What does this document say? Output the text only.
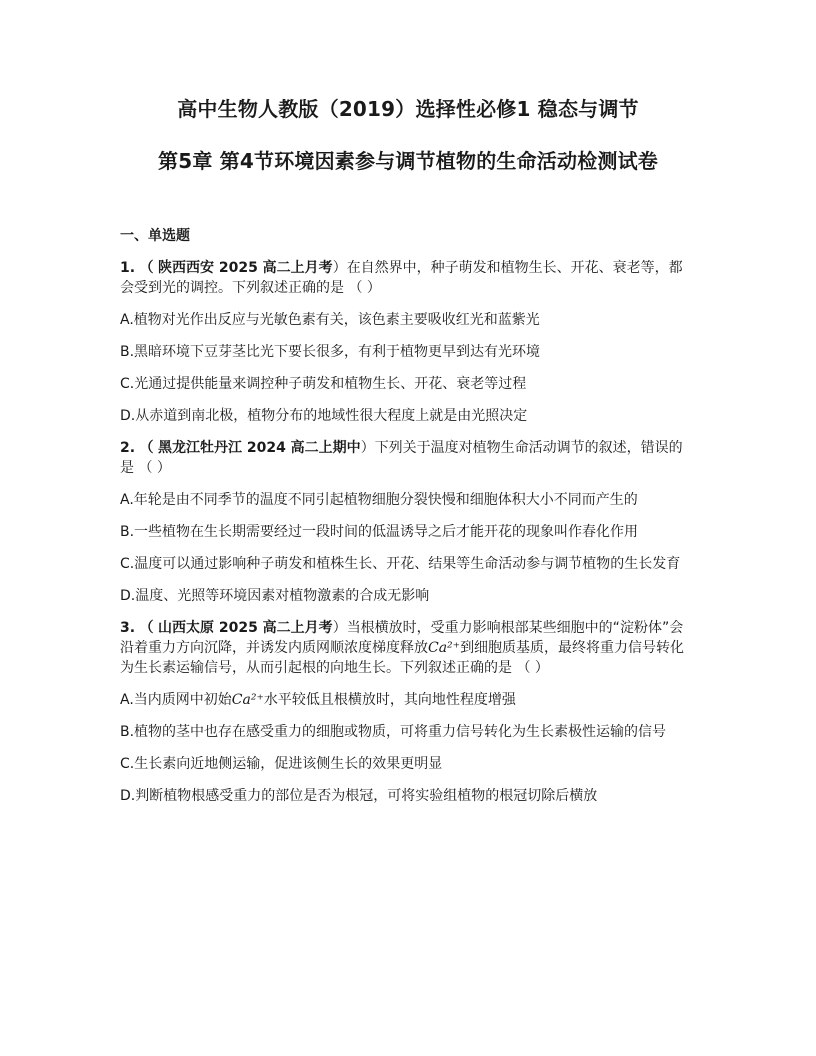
高中生物人教版（2019）选择性必修1 稳态与调节
第5章 第4节环境因素参与调节植物的生命活动检测试卷
一、单选题

1. （ 陕西西安 2025 高二上月考）在自然界中，种子萌发和植物生长、开花、衰老等，都会受到光的调控。下列叙述正确的是 （ ）

A.植物对光作出反应与光敏色素有关，该色素主要吸收红光和蓝紫光

B.黑暗环境下豆芽茎比光下要长很多，有利于植物更早到达有光环境

C.光通过提供能量来调控种子萌发和植物生长、开花、衰老等过程

D.从赤道到南北极，植物分布的地域性很大程度上就是由光照决定

2. （ 黑龙江牡丹江 2024 高二上期中）下列关于温度对植物生命活动调节的叙述，错误的是 （ ）

A.年轮是由不同季节的温度不同引起植物细胞分裂快慢和细胞体积大小不同而产生的

B.一些植物在生长期需要经过一段时间的低温诱导之后才能开花的现象叫作春化作用

C.温度可以通过影响种子萌发和植株生长、开花、结果等生命活动参与调节植物的生长发育

D.温度、光照等环境因素对植物激素的合成无影响

3. （ 山西太原 2025 高二上月考）当根横放时，受重力影响根部某些细胞中的“淀粉体”会沿着重力方向沉降，并诱发内质网顺浓度梯度释放Ca²⁺到细胞质基质，最终将重力信号转化为生长素运输信号，从而引起根的向地生长。下列叙述正确的是 （ ）

A.当内质网中初始Ca²⁺水平较低且根横放时，其向地性程度增强

B.植物的茎中也存在感受重力的细胞或物质，可将重力信号转化为生长素极性运输的信号

C.生长素向近地侧运输，促进该侧生长的效果更明显

D.判断植物根感受重力的部位是否为根冠，可将实验组植物的根冠切除后横放
